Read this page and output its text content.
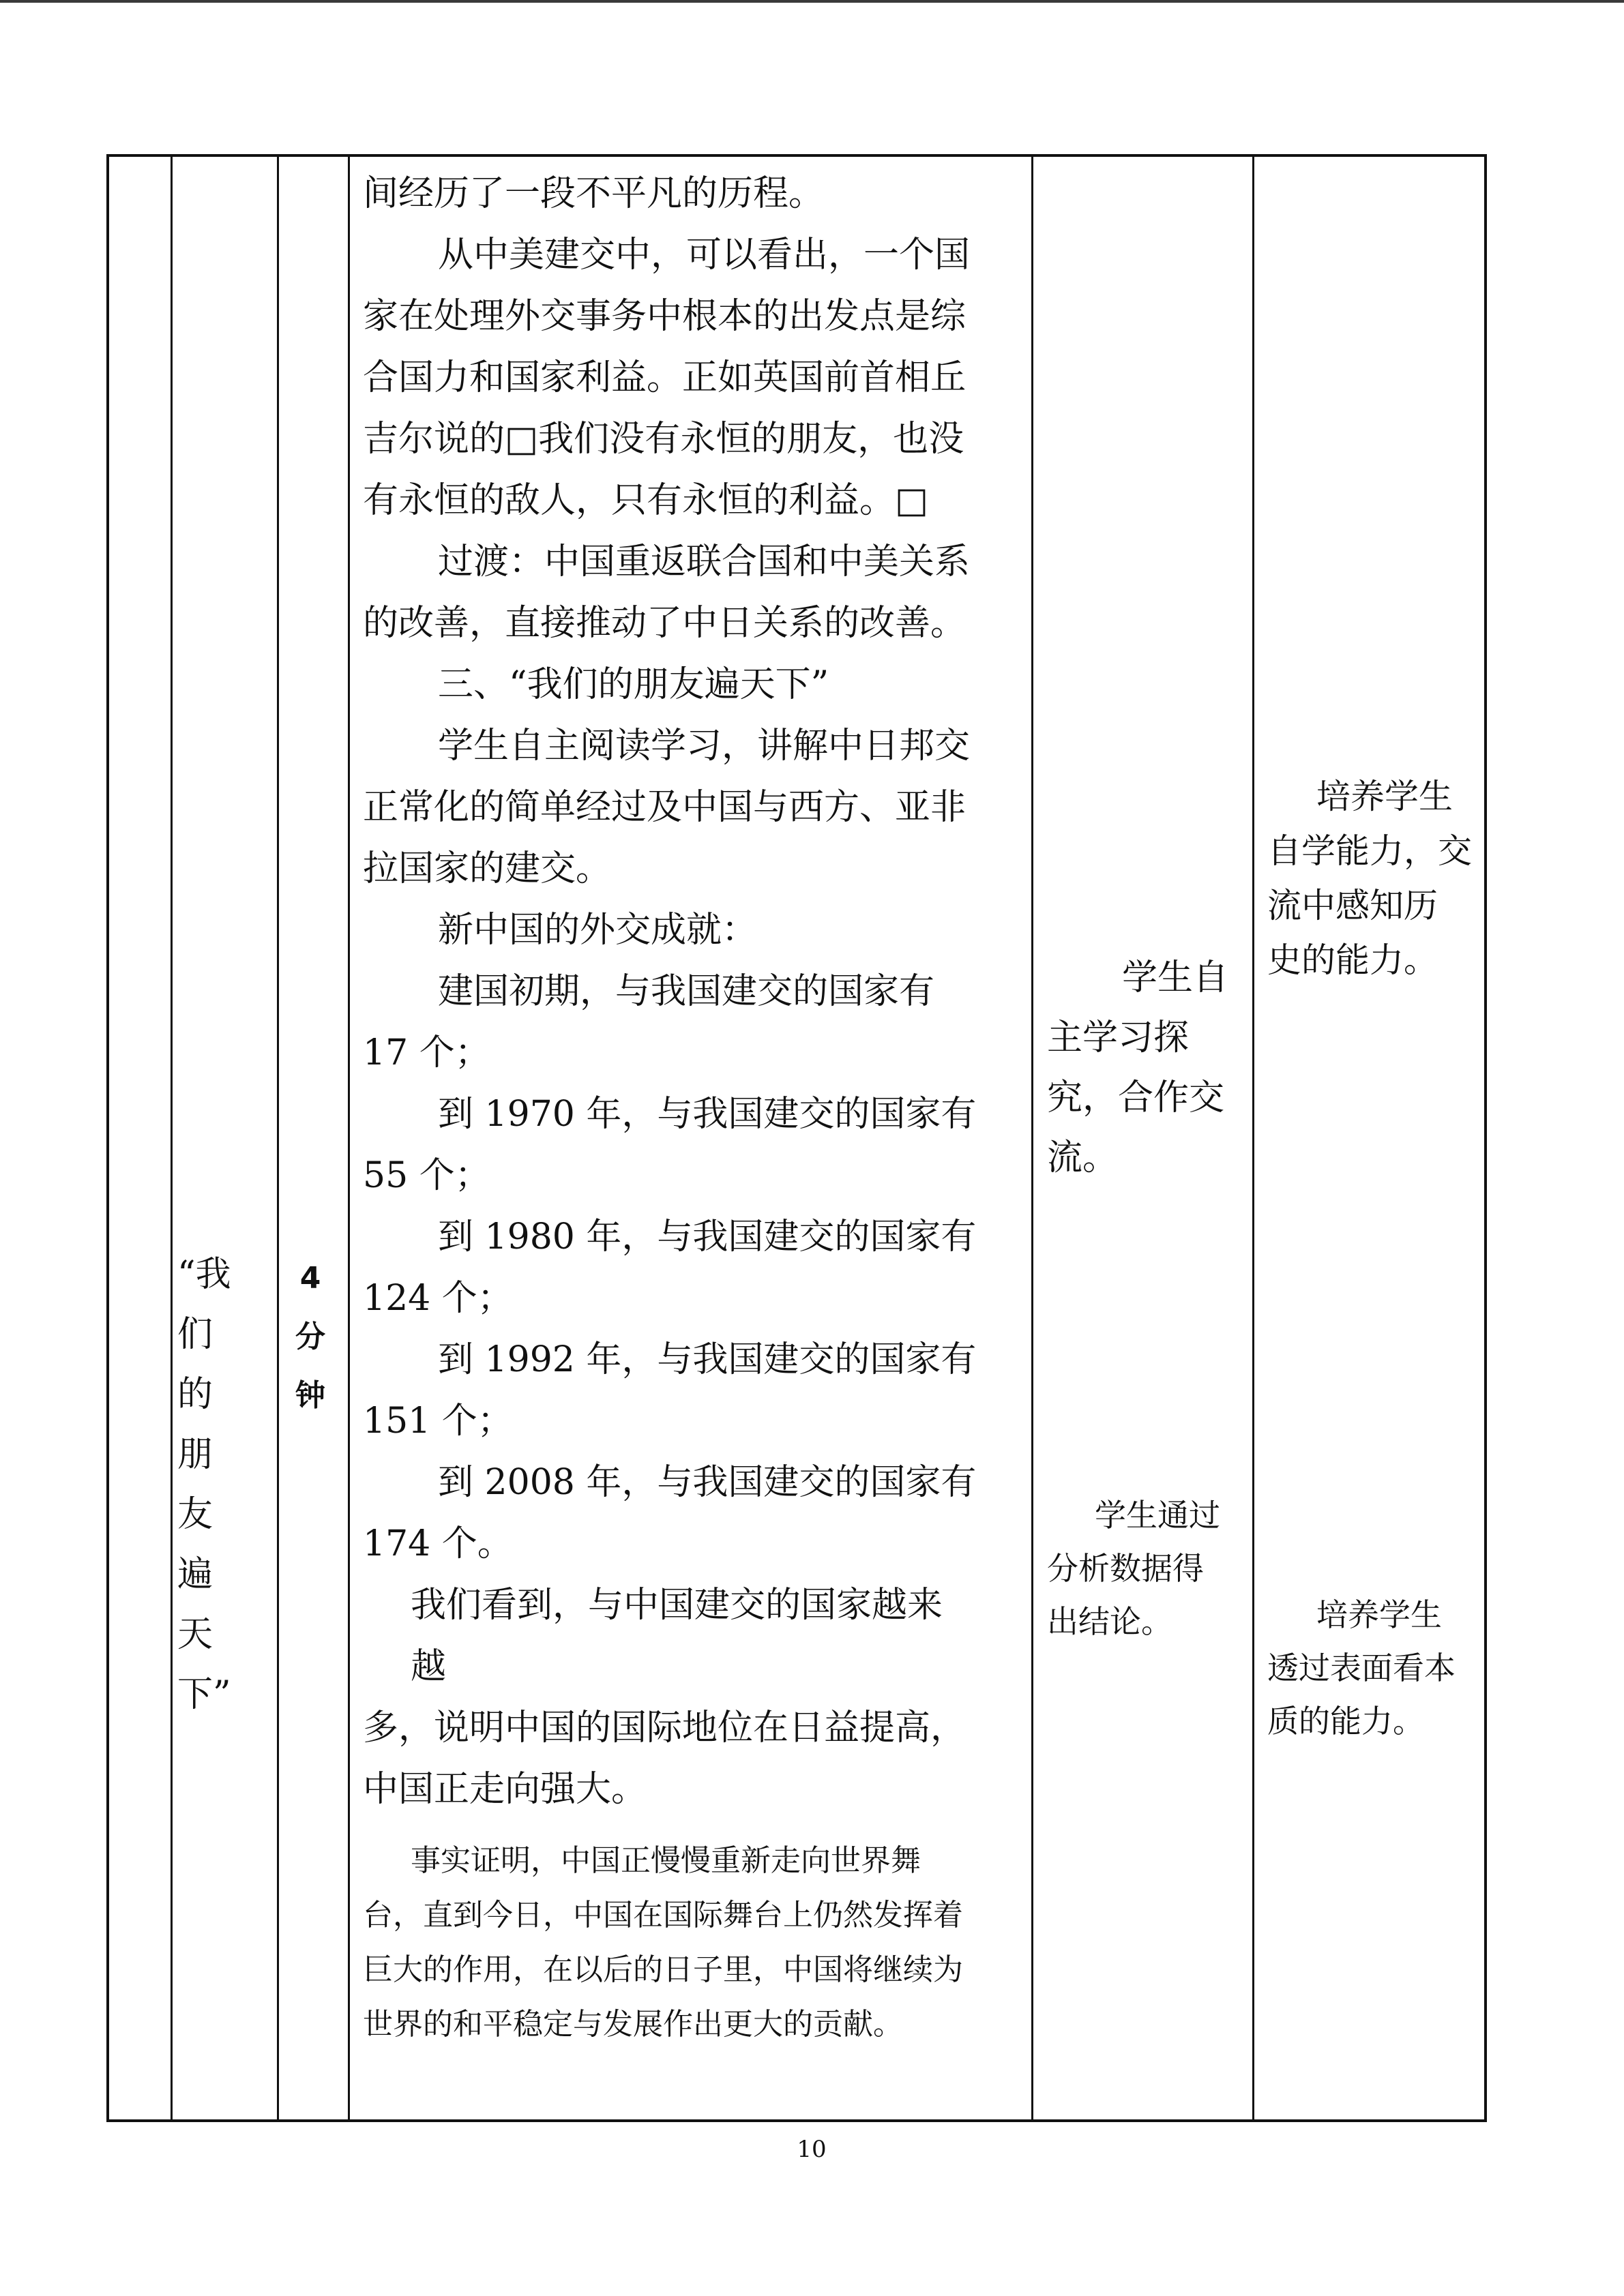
“我
们
的
朋
友
遍
天
下”
4
分
钟
间经历了一段不平凡的历程。
从中美建交中，可以看出，一个国
家在处理外交事务中根本的出发点是综
合国力和国家利益。正如英国前首相丘
吉尔说的□我们没有永恒的朋友，也没
有永恒的敌人，只有永恒的利益。□
过渡：中国重返联合国和中美关系
的改善，直接推动了中日关系的改善。
三、“我们的朋友遍天下”
学生自主阅读学习，讲解中日邦交
正常化的简单经过及中国与西方、亚非
拉国家的建交。
新中国的外交成就：
建国初期，与我国建交的国家有
17 个；
到 1970 年，与我国建交的国家有
55 个；
到 1980 年，与我国建交的国家有
124 个；
到 1992 年，与我国建交的国家有
151 个；
到 2008 年，与我国建交的国家有
174 个。
我们看到，与中国建交的国家越来
越
多，说明中国的国际地位在日益提高，
中国正走向强大。
事实证明，中国正慢慢重新走向世界舞
台，直到今日，中国在国际舞台上仍然发挥着
巨大的作用，在以后的日子里，中国将继续为
世界的和平稳定与发展作出更大的贡献。
学生自
主学习探
究，合作交
流。
学生通过
分析数据得
出结论。
培养学生
自学能力，交
流中感知历
史的能力。
培养学生
透过表面看本
质的能力。
10
